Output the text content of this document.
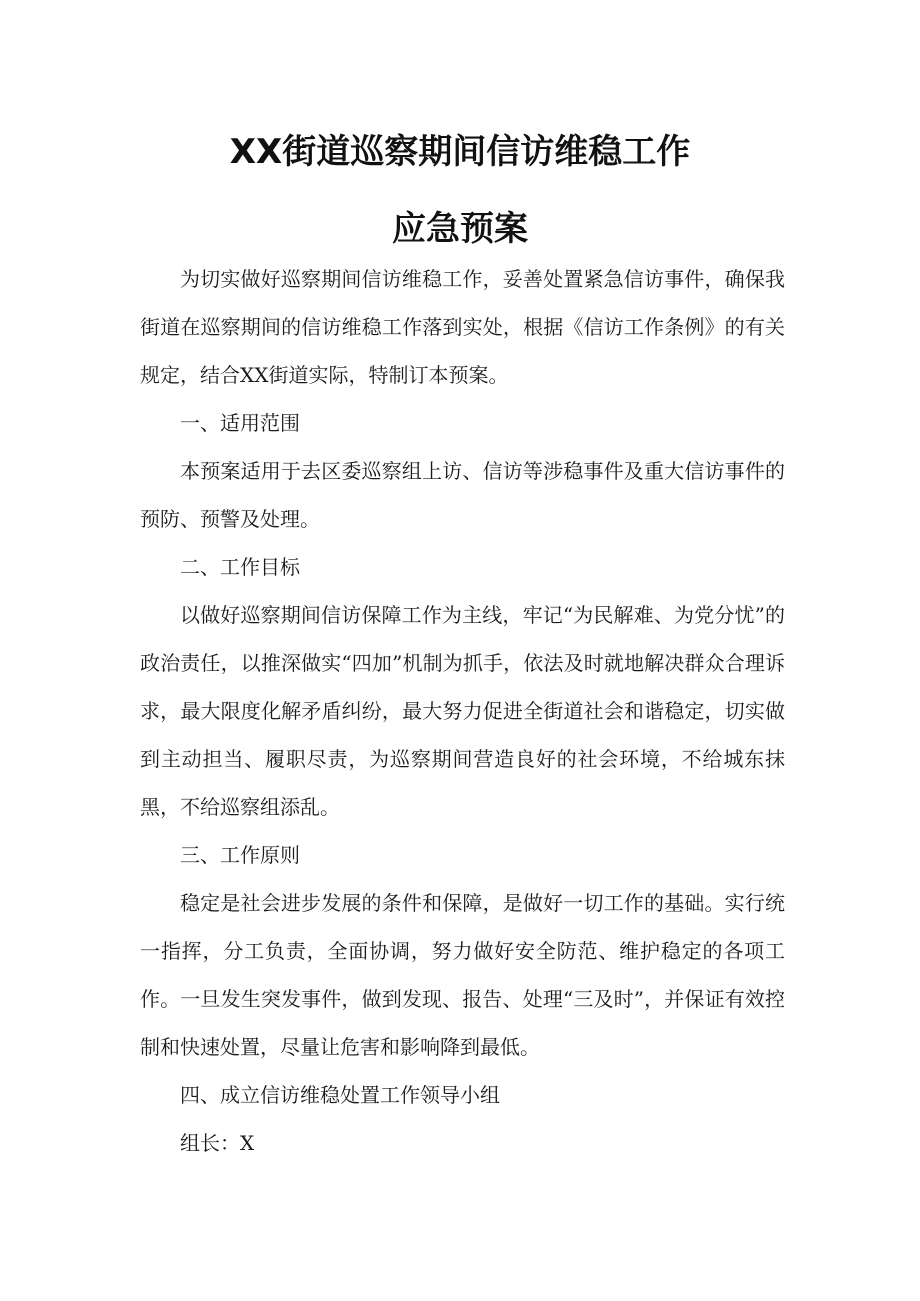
XX街道巡察期间信访维稳工作
应急预案

为切实做好巡察期间信访维稳工作，妥善处置紧急信访事件，确保我街道在巡察期间的信访维稳工作落到实处，根据《信访工作条例》的有关规定，结合XX街道实际，特制订本预案。

一、适用范围

本预案适用于去区委巡察组上访、信访等涉稳事件及重大信访事件的预防、预警及处理。

二、工作目标

以做好巡察期间信访保障工作为主线，牢记“为民解难、为党分忧”的政治责任，以推深做实“四加”机制为抓手，依法及时就地解决群众合理诉求，最大限度化解矛盾纠纷，最大努力促进全街道社会和谐稳定，切实做到主动担当、履职尽责，为巡察期间营造良好的社会环境，不给城东抹黑，不给巡察组添乱。

三、工作原则

稳定是社会进步发展的条件和保障，是做好一切工作的基础。实行统一指挥，分工负责，全面协调，努力做好安全防范、维护稳定的各项工作。一旦发生突发事件，做到发现、报告、处理“三及时”，并保证有效控制和快速处置，尽量让危害和影响降到最低。

四、成立信访维稳处置工作领导小组

组长：X
